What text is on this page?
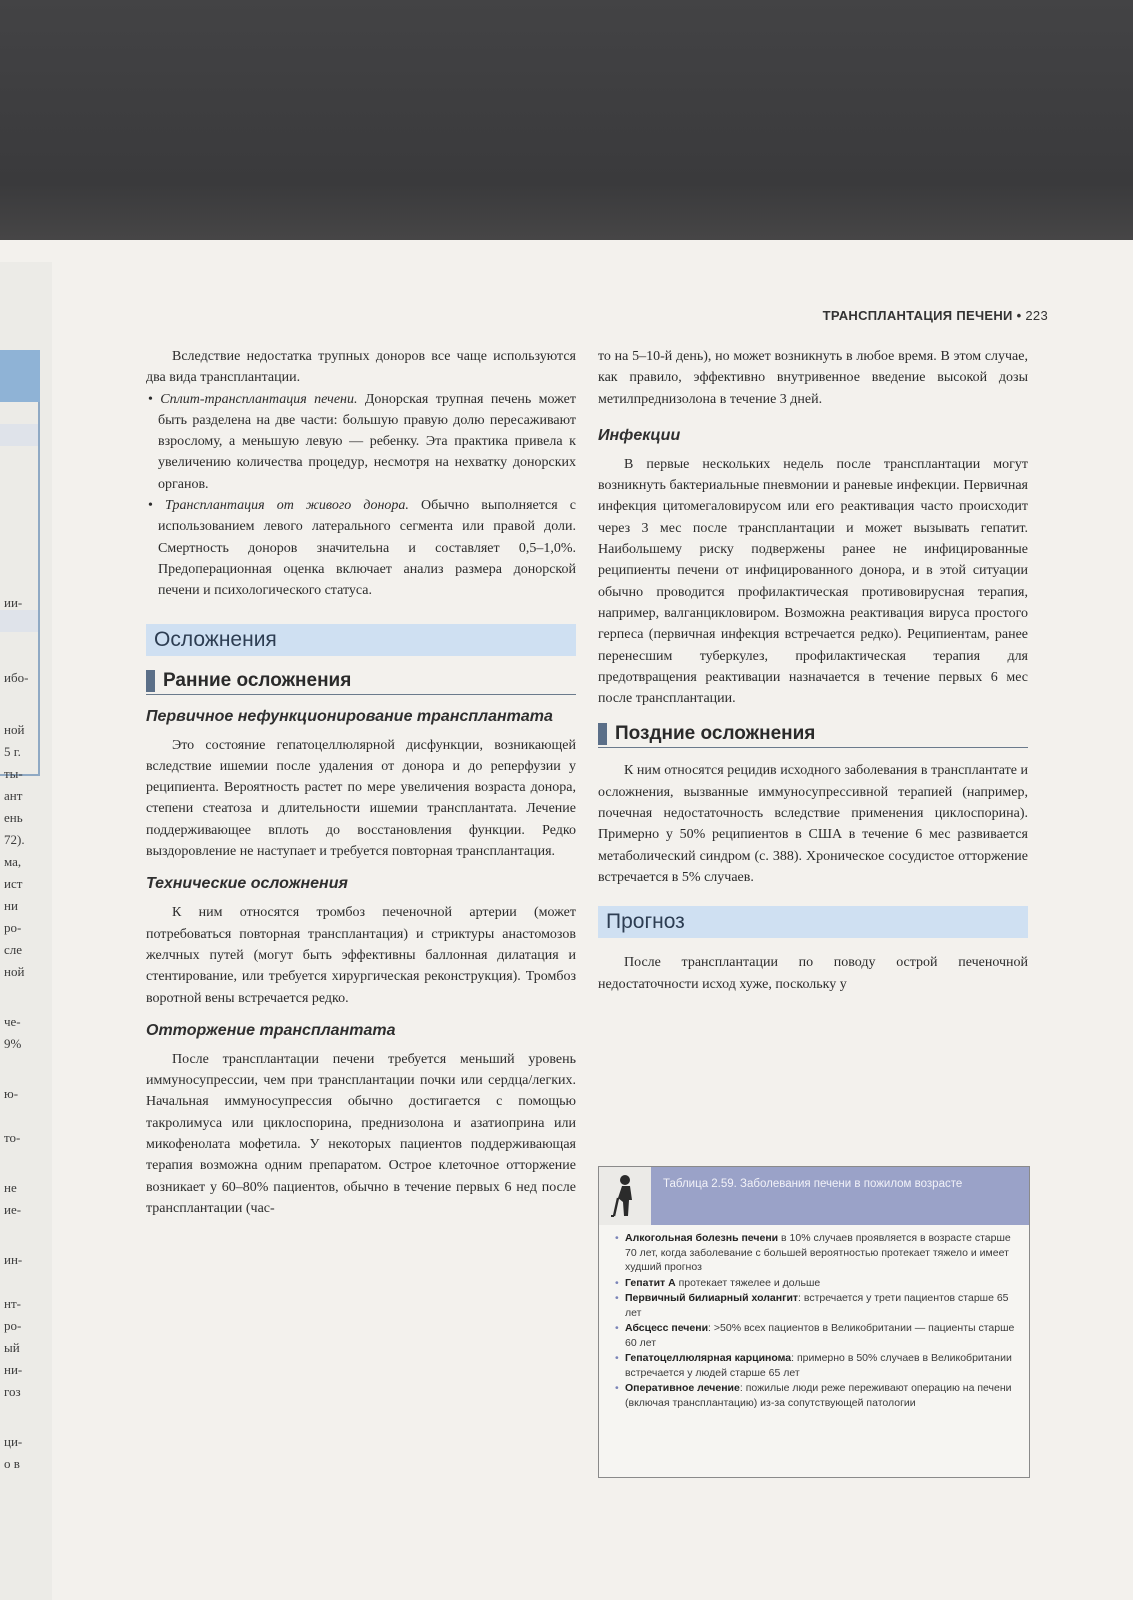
ии-
ибо-
ной
5 г.
ты-
ант
ень
72).
ма,
ист
ни
ро-
сле
ной
че-
9%
ю-
то-
не
ие-
ин-
нт-
ро-
ый
ни-
гоз
ци-
о в
ТРАНСПЛАНТАЦИЯ ПЕЧЕНИ • 223

Вследствие недостатка трупных доноров все чаще используются два вида трансплантации.

• Сплит-трансплантация печени. Донорская трупная печень может быть разделена на две части: большую правую долю пересаживают взрослому, а меньшую левую — ребенку. Эта практика привела к увеличению количества процедур, несмотря на нехватку донорских органов.

• Трансплантация от живого донора. Обычно выполняется с использованием левого латерального сегмента или правой доли. Смертность доноров значительна и составляет 0,5–1,0%. Предоперационная оценка включает анализ размера донорской печени и психологического статуса.

Осложнения
Ранние осложнения
Первичное нефункционирование трансплантата

Это состояние гепатоцеллюлярной дисфункции, возникающей вследствие ишемии после удаления от донора и до реперфузии у реципиента. Вероятность растет по мере увеличения возраста донора, степени стеатоза и длительности ишемии трансплантата. Лечение поддерживающее вплоть до восстановления функции. Редко выздоровление не наступает и требуется повторная трансплантация.

Технические осложнения

К ним относятся тромбоз печеночной артерии (может потребоваться повторная трансплантация) и стриктуры анастомозов желчных путей (могут быть эффективны баллонная дилатация и стентирование, или требуется хирургическая реконструкция). Тромбоз воротной вены встречается редко.

Отторжение трансплантата

После трансплантации печени требуется меньший уровень иммуносупрессии, чем при трансплантации почки или сердца/легких. Начальная иммуносупрессия обычно достигается с помощью такролимуса или циклоспорина, преднизолона и азатиоприна или микофенолата мофетила. У некоторых пациентов поддерживающая терапия возможна одним препаратом. Острое клеточное отторжение возникает у 60–80% пациентов, обычно в течение первых 6 нед после трансплантации (час-

то на 5–10-й день), но может возникнуть в любое время. В этом случае, как правило, эффективно внутривенное введение высокой дозы метилпреднизолона в течение 3 дней.

Инфекции

В первые нескольких недель после трансплантации могут возникнуть бактериальные пневмонии и раневые инфекции. Первичная инфекция цитомегаловирусом или его реактивация часто происходит через 3 мес после трансплантации и может вызывать гепатит. Наибольшему риску подвержены ранее не инфицированные реципиенты печени от инфицированного донора, и в этой ситуации обычно проводится профилактическая противовирусная терапия, например, валганцикловиром. Возможна реактивация вируса простого герпеса (первичная инфекция встречается редко). Реципиентам, ранее перенесшим туберкулез, профилактическая терапия для предотвращения реактивации назначается в течение первых 6 мес после трансплантации.

Поздние осложнения

К ним относятся рецидив исходного заболевания в трансплантате и осложнения, вызванные иммуносупрессивной терапией (например, почечная недостаточность вследствие применения циклоспорина). Примерно у 50% реципиентов в США в течение 6 мес развивается метаболический синдром (с. 388). Хроническое сосудистое отторжение встречается в 5% случаев.

Прогноз

После трансплантации по поводу острой печеночной недостаточности исход хуже, поскольку у

Таблица 2.59. Заболевания печени в пожилом возрасте
• Алкогольная болезнь печени в 10% случаев проявляется в возрасте старше 70 лет, когда заболевание с большей вероятностью протекает тяжело и имеет худший прогноз
• Гепатит А протекает тяжелее и дольше
• Первичный билиарный холангит: встречается у трети пациентов старше 65 лет
• Абсцесс печени: >50% всех пациентов в Великобритании — пациенты старше 60 лет
• Гепатоцеллюлярная карцинома: примерно в 50% случаев в Великобритании встречается у людей старше 65 лет
• Оперативное лечение: пожилые люди реже переживают операцию на печени (включая трансплантацию) из-за сопутствующей патологии
